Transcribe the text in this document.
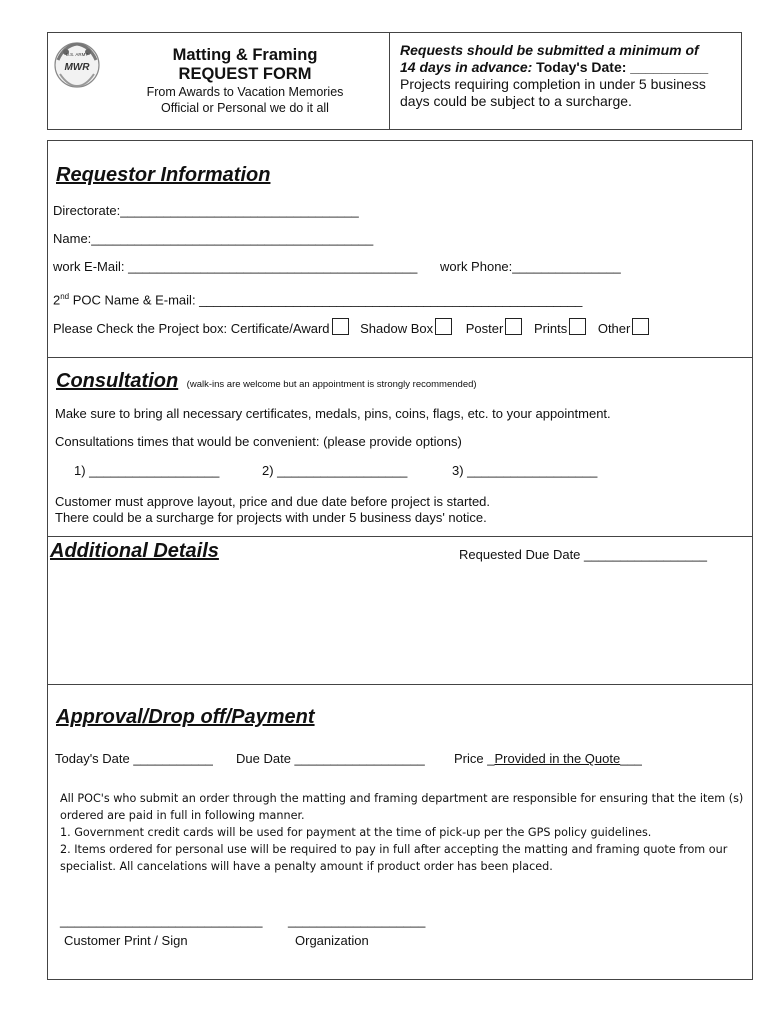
U.S. ARMY
MWR
Matting & Framing
REQUEST FORM
From Awards to Vacation Memories
Official or Personal we do it all
Requests should be submitted a minimum of
14 days in advance: Today's Date: __________
Projects requiring completion in under 5 business
days could be subject to a surcharge.
Requestor Information
Directorate:_________________________________
Name:_______________________________________
work E-Mail: ________________________________________ work Phone:_______________
2nd POC Name & E-mail: _____________________________________________________
Please Check the Project box: Certificate/Award Shadow Box	Poster Prints Other
Consultation (walk-ins are welcome but an appointment is strongly recommended)
Make sure to bring all necessary certificates, medals, pins, coins, flags, etc. to your appointment.
Consultations times that would be convenient: (please provide options)
1) __________________	2) __________________	3) __________________
Customer must approve layout, price and due date before project is started.
There could be a surcharge for projects with under 5 business days' notice.
Additional Details	Requested Due Date _________________
Approval/Drop off/Payment
Today's Date ___________ Due Date __________________ Price _Provided in the Quote___
All POC's who submit an order through the matting and framing department are responsible for ensuring that the item (s)
ordered are paid in full in following manner.
1. Government credit cards will be used for payment at the time of pick-up per the GPS policy guidelines.
2. Items ordered for personal use will be required to pay in full after accepting the matting and framing quote from our
specialist. All cancelations will have a penalty amount if product order has been placed.
____________________________ ___________________
Customer Print / Sign	Organization
